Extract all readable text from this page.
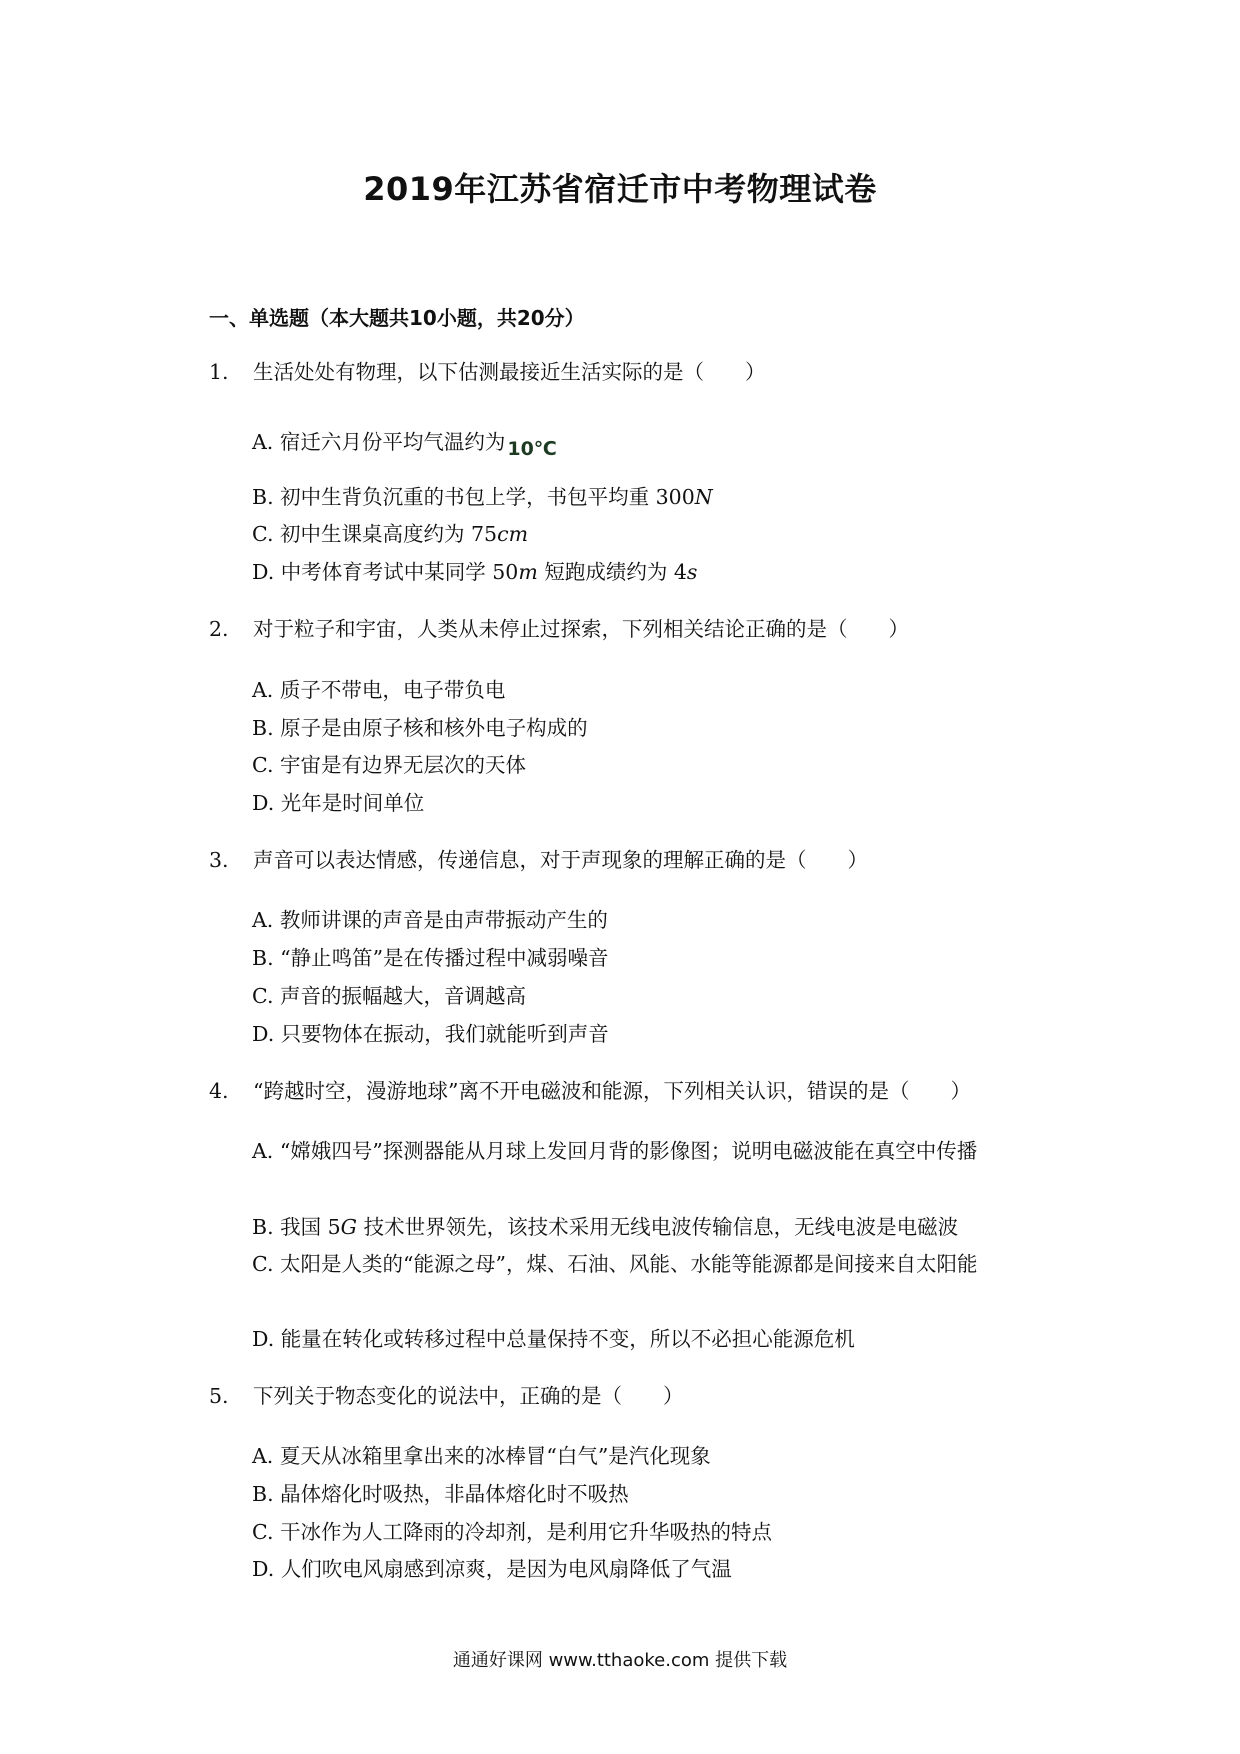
2019年江苏省宿迁市中考物理试卷
一、单选题（本大题共10小题，共20分）
1. 生活处处有物理，以下估测最接近生活实际的是（　　）
A. 宿迁六月份平均气温约为 10℃
B. 初中生背负沉重的书包上学，书包平均重 300N
C. 初中生课桌高度约为 75cm
D. 中考体育考试中某同学 50m 短跑成绩约为 4s
2. 对于粒子和宇宙，人类从未停止过探索，下列相关结论正确的是（　　）
A. 质子不带电，电子带负电
B. 原子是由原子核和核外电子构成的
C. 宇宙是有边界无层次的天体
D. 光年是时间单位
3. 声音可以表达情感，传递信息，对于声现象的理解正确的是（　　）
A. 教师讲课的声音是由声带振动产生的
B. “静止鸣笛”是在传播过程中减弱噪音
C. 声音的振幅越大，音调越高
D. 只要物体在振动，我们就能听到声音
4. “跨越时空，漫游地球”离不开电磁波和能源，下列相关认识，错误的是（　　）
A. “嫦娥四号”探测器能从月球上发回月背的影像图；说明电磁波能在真空中传播
B. 我国 5G 技术世界领先，该技术采用无线电波传输信息，无线电波是电磁波
C. 太阳是人类的“能源之母”，煤、石油、风能、水能等能源都是间接来自太阳能
D. 能量在转化或转移过程中总量保持不变，所以不必担心能源危机
5. 下列关于物态变化的说法中，正确的是（　　）
A. 夏天从冰箱里拿出来的冰棒冒“白气”是汽化现象
B. 晶体熔化时吸热，非晶体熔化时不吸热
C. 干冰作为人工降雨的冷却剂，是利用它升华吸热的特点
D. 人们吹电风扇感到凉爽，是因为电风扇降低了气温
通通好课网 www.tthaoke.com 提供下载
